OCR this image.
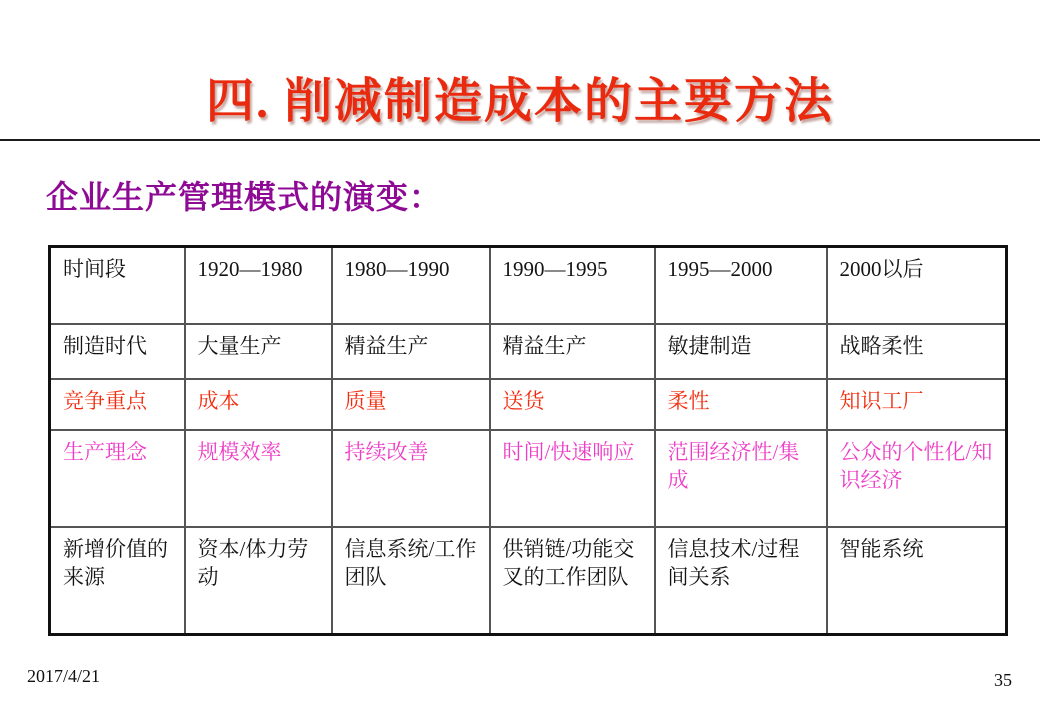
四. 削减制造成本的主要方法
企业生产管理模式的演变：
时间段	1920—1980	1980—1990	1990—1995	1995—2000	2000以后
制造时代	大量生产	精益生产	精益生产	敏捷制造	战略柔性
竞争重点	成本	质量	送货	柔性	知识工厂
生产理念	规模效率	持续改善	时间/快速响应	范围经济性/集成	公众的个性化/知识经济
新增价值的来源	资本/体力劳动	信息系统/工作团队	供销链/功能交叉的工作团队	信息技术/过程间关系	智能系统
2017/4/21	35
